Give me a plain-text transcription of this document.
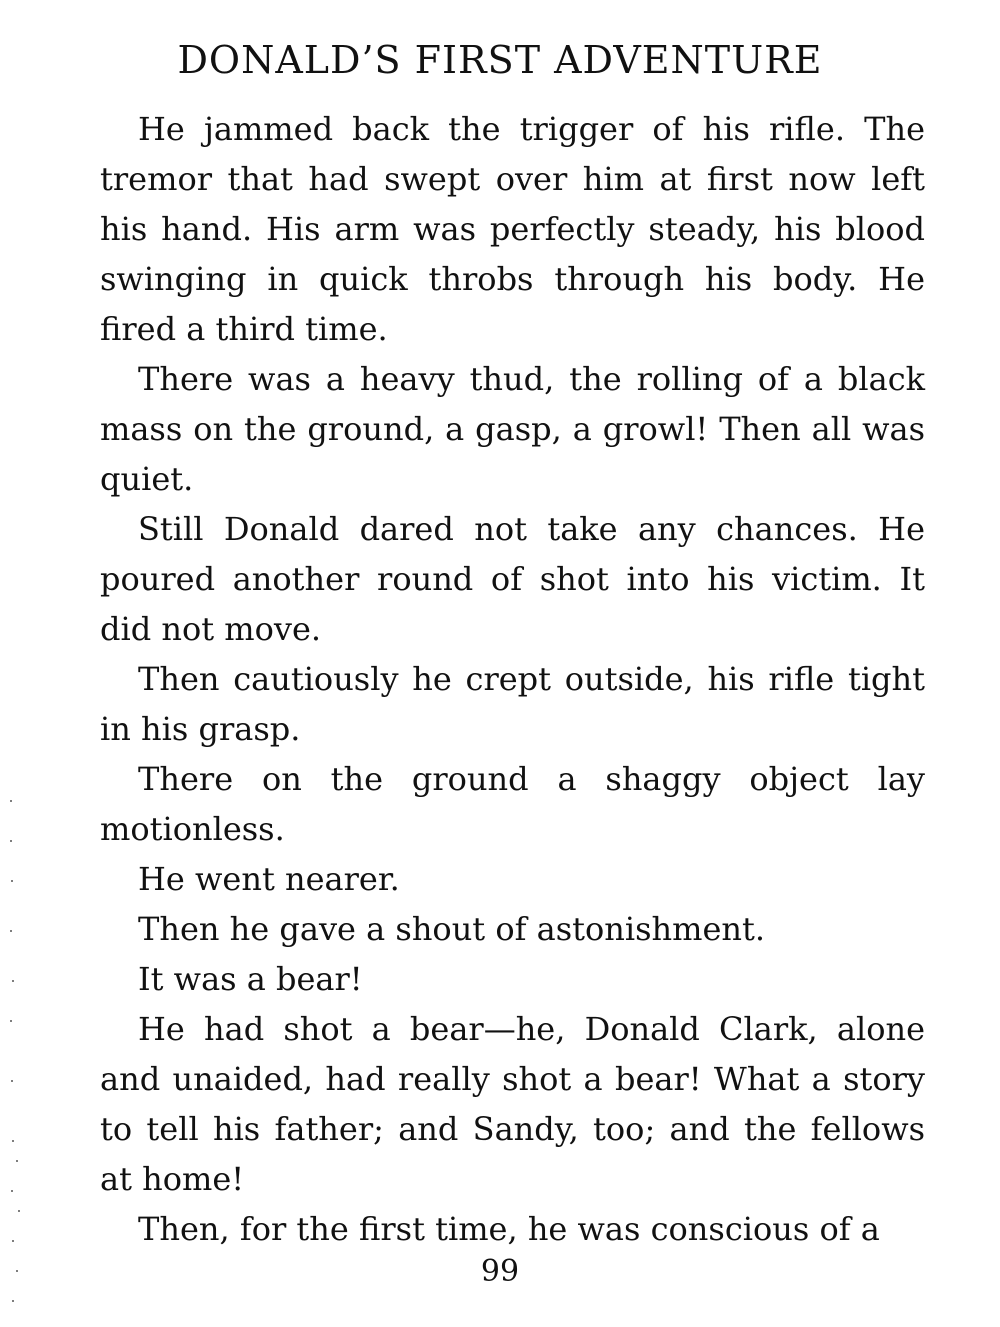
DONALD’S FIRST ADVENTURE

He jammed back the trigger of his rifle. The tremor that had swept over him at first now left his hand. His arm was perfectly steady, his blood swinging in quick throbs through his body. He fired a third time.

There was a heavy thud, the rolling of a black mass on the ground, a gasp, a growl! Then all was quiet.

Still Donald dared not take any chances. He poured another round of shot into his victim. It did not move.

Then cautiously he crept outside, his rifle tight in his grasp.

There on the ground a shaggy object lay motionless.

He went nearer.

Then he gave a shout of astonishment.

It was a bear!

He had shot a bear—he, Donald Clark, alone and unaided, had really shot a bear! What a story to tell his father; and Sandy, too; and the fellows at home!

Then, for the first time, he was conscious of a

99
